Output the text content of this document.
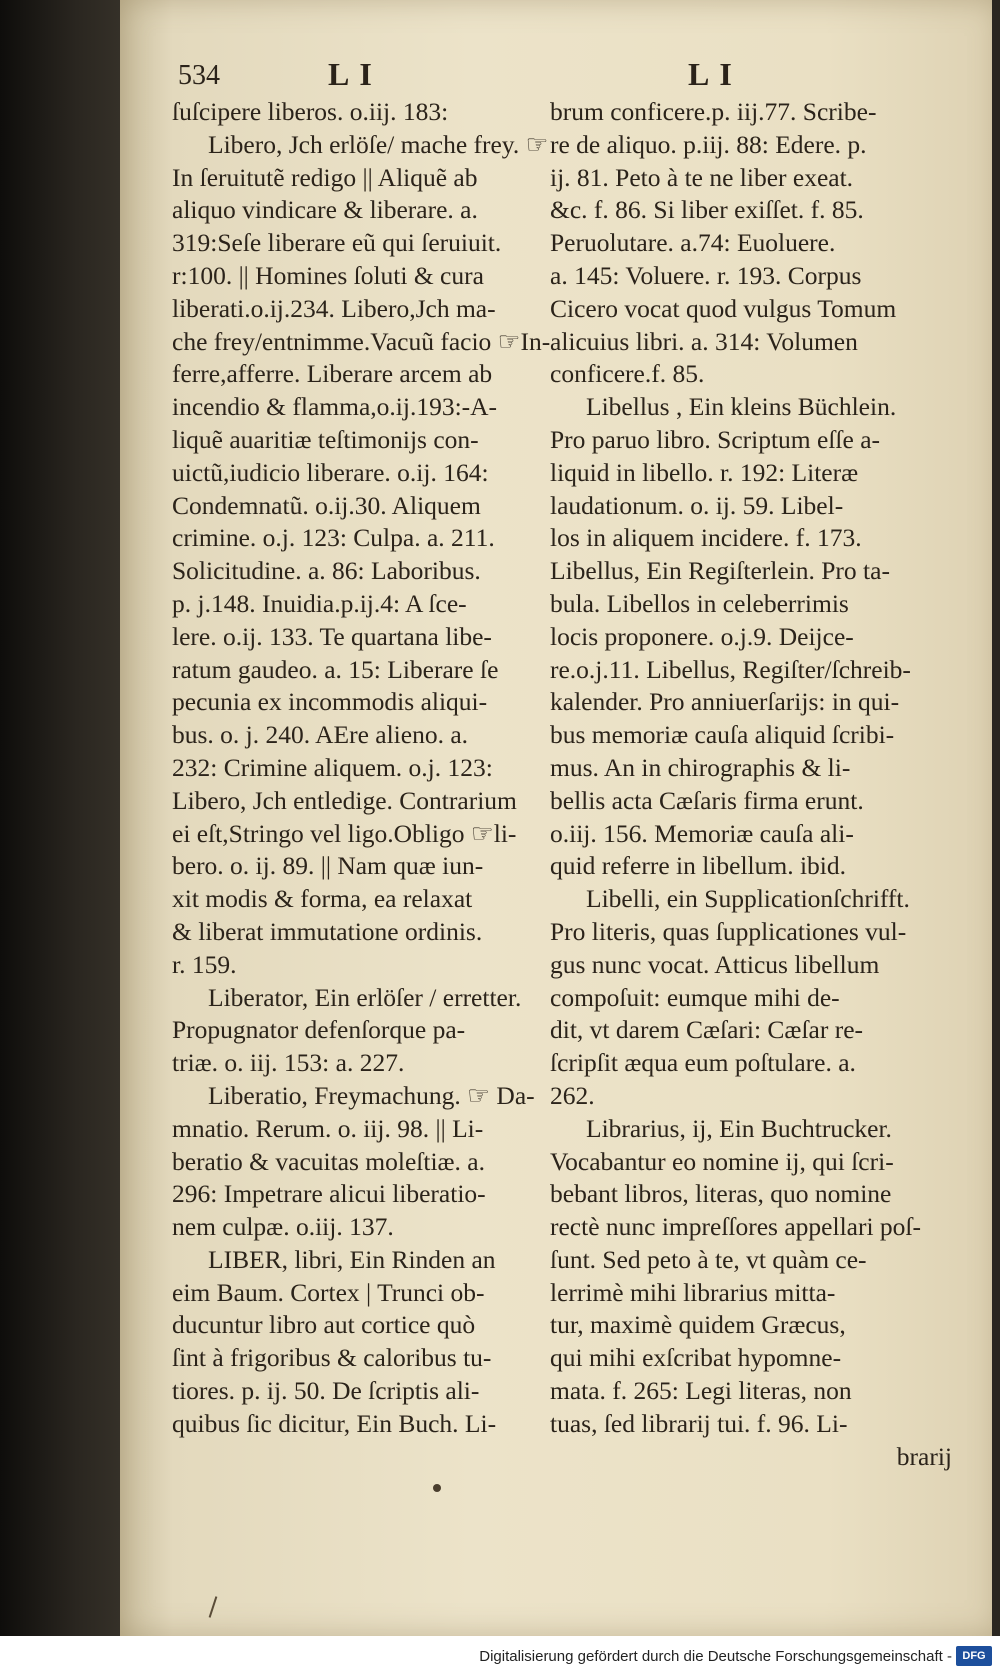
534	LI	LI
ſuſcipere liberos. o.iij. 183:
Libero, Jch erlöſe/ mache frey. ☞
In ſeruitutẽ redigo || Aliquẽ ab
aliquo vindicare & liberare. a.
319:Seſe liberare eũ qui ſeruiuit.
r:100. || Homines ſoluti & cura
liberati.o.ij.234. Libero,Jch ma-
che frey/entnimme.Vacuũ facio ☞In-
ferre,afferre. Liberare arcem ab
incendio & flamma,o.ij.193:-A-
liquẽ auaritiæ teſtimonijs con-
uictũ,iudicio liberare. o.ij. 164:
Condemnatũ. o.ij.30. Aliquem
crimine. o.j. 123: Culpa. a. 211.
Solicitudine. a. 86: Laboribus.
p. j.148. Inuidia.p.ij.4: A ſce-
lere. o.ij. 133. Te quartana libe-
ratum gaudeo. a. 15: Liberare ſe
pecunia ex incommodis aliqui-
bus. o. j. 240. AEre alieno. a.
232: Crimine aliquem. o.j. 123:
Libero, Jch entledige. Contrarium
ei eſt,Stringo vel ligo.Obligo ☞li-
bero. o. ij. 89. || Nam quæ iun-
xit modis & forma, ea relaxat
& liberat immutatione ordinis.
r. 159.
Liberator, Ein erlöſer / erretter.
Propugnator defenſorque pa-
triæ. o. iij. 153: a. 227.
Liberatio, Freymachung. ☞ Da-
mnatio. Rerum. o. iij. 98. || Li-
beratio & vacuitas moleſtiæ. a.
296: Impetrare alicui liberatio-
nem culpæ. o.iij. 137.
LIBER, libri, Ein Rinden an
eim Baum. Cortex | Trunci ob-
ducuntur libro aut cortice quò
ſint à frigoribus & caloribus tu-
tiores. p. ij. 50. De ſcriptis ali-
quibus ſic dicitur, Ein Buch. Li-
brum conficere.p. iij.77. Scribe-
re de aliquo. p.iij. 88: Edere. p.
ij. 81. Peto à te ne liber exeat.
&c. f. 86. Si liber exiſſet. f. 85.
Peruolutare. a.74: Euoluere.
a. 145: Voluere. r. 193. Corpus
Cicero vocat quod vulgus Tomum
alicuius libri. a. 314: Volumen
conficere.f. 85.
Libellus , Ein kleins Büchlein.
Pro paruo libro. Scriptum eſſe a-
liquid in libello. r. 192: Literæ
laudationum. o. ij. 59. Libel-
los in aliquem incidere. f. 173.
Libellus, Ein Regiſterlein. Pro ta-
bula. Libellos in celeberrimis
locis proponere. o.j.9. Deijce-
re.o.j.11. Libellus, Regiſter/ſchreib-
kalender. Pro anniuerſarijs: in qui-
bus memoriæ cauſa aliquid ſcribi-
mus. An in chirographis & li-
bellis acta Cæſaris firma erunt.
o.iij. 156. Memoriæ cauſa ali-
quid referre in libellum. ibid.
Libelli, ein Supplicationſchrifft.
Pro literis, quas ſupplicationes vul-
gus nunc vocat. Atticus libellum
compoſuit: eumque mihi de-
dit, vt darem Cæſari: Cæſar re-
ſcripſit æqua eum poſtulare. a.
262.
Librarius, ij, Ein Buchtrucker.
Vocabantur eo nomine ij, qui ſcri-
bebant libros, literas, quo nomine
rectè nunc impreſſores appellari poſ-
ſunt. Sed peto à te, vt quàm ce-
lerrimè mihi librarius mitta-
tur, maximè quidem Græcus,
qui mihi exſcribat hypomne-
mata. f. 265: Legi literas, non
tuas, ſed librarij tui. f. 96. Li-
brarij
Digitalisierung gefördert durch die Deutsche Forschungsgemeinschaft - DFG
